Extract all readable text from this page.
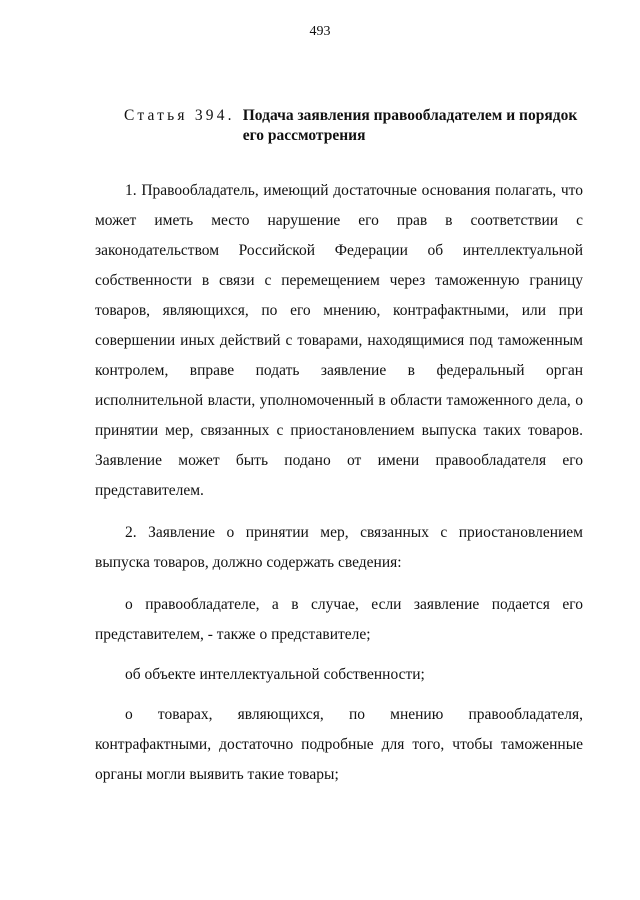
493
Статья 394. Подача заявления правообладателем и порядок его рассмотрения

1. Правообладатель, имеющий достаточные основания полагать, что может иметь место нарушение его прав в соответствии с законодательством Российской Федерации об интеллектуальной собственности в связи с перемещением через таможенную границу товаров, являющихся, по его мнению, контрафактными, или при совершении иных действий с товарами, находящимися под таможенным контролем, вправе подать заявление в федеральный орган исполнительной власти, уполномоченный в области таможенного дела, о принятии мер, связанных с приостановлением выпуска таких товаров. Заявление может быть подано от имени правообладателя его представителем.

2. Заявление о принятии мер, связанных с приостановлением выпуска товаров, должно содержать сведения:

о правообладателе, а в случае, если заявление подается его представителем, - также о представителе;

об объекте интеллектуальной собственности;

о товарах, являющихся, по мнению правообладателя, контрафактными, достаточно подробные для того, чтобы таможенные органы могли выявить такие товары;
